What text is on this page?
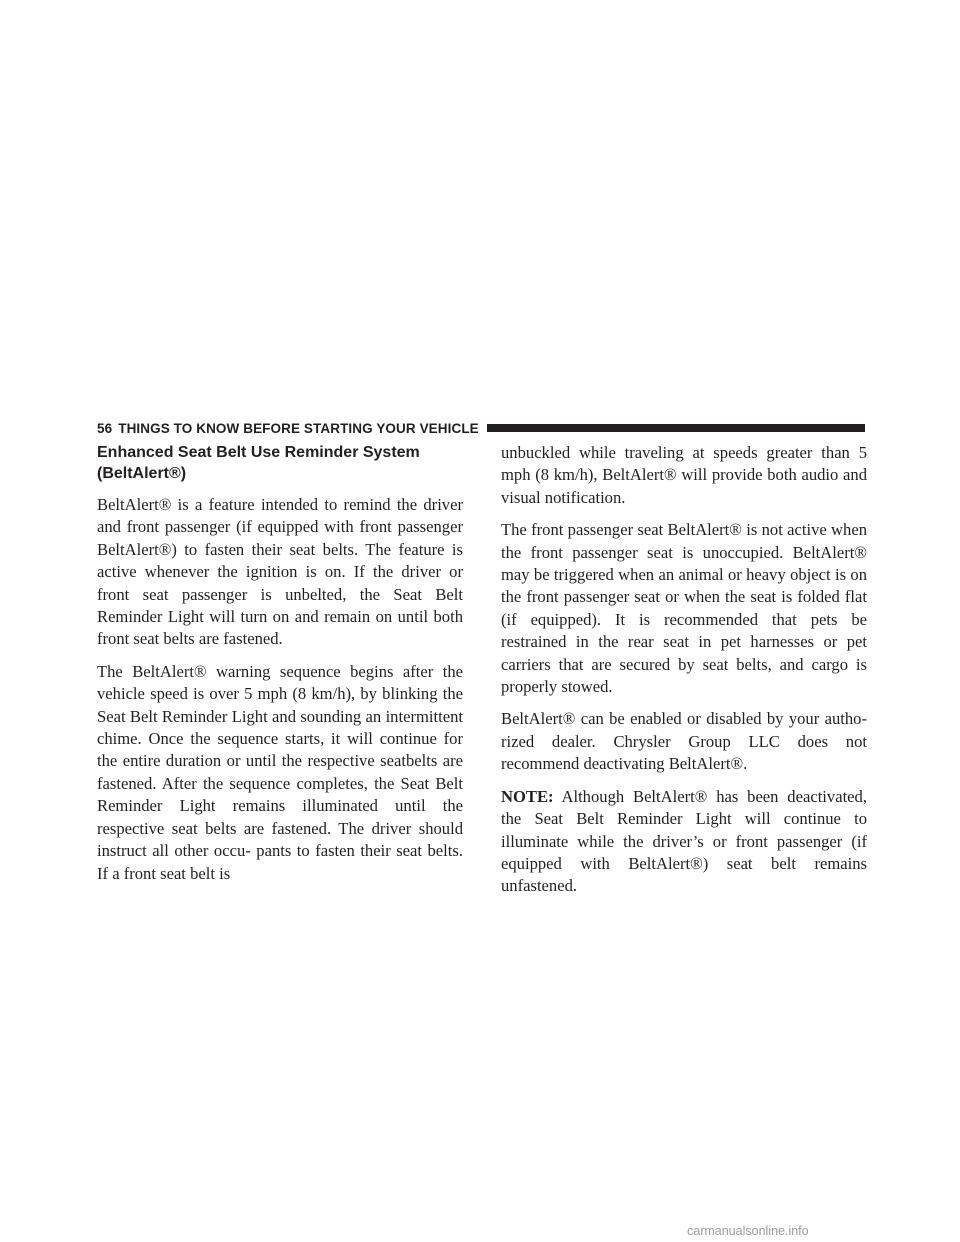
56 THINGS TO KNOW BEFORE STARTING YOUR VEHICLE
Enhanced Seat Belt Use Reminder System
(BeltAlert®)

BeltAlert® is a feature intended to remind the driver and front passenger (if equipped with front passenger BeltAlert®) to fasten their seat belts. The feature is active whenever the ignition is on. If the driver or front seat passenger is unbelted, the Seat Belt Reminder Light will turn on and remain on until both front seat belts are fastened.

The BeltAlert® warning sequence begins after the vehicle speed is over 5 mph (8 km/h), by blinking the Seat Belt Reminder Light and sounding an intermittent chime. Once the sequence starts, it will continue for the entire duration or until the respective seatbelts are fastened. After the sequence completes, the Seat Belt Reminder Light remains illuminated until the respective seat belts are fastened. The driver should instruct all other occu- pants to fasten their seat belts. If a front seat belt is

unbuckled while traveling at speeds greater than 5 mph (8 km/h), BeltAlert® will provide both audio and visual notification.

The front passenger seat BeltAlert® is not active when the front passenger seat is unoccupied. BeltAlert® may be triggered when an animal or heavy object is on the front passenger seat or when the seat is folded flat (if equipped). It is recommended that pets be restrained in the rear seat in pet harnesses or pet carriers that are secured by seat belts, and cargo is properly stowed.

BeltAlert® can be enabled or disabled by your autho- rized dealer. Chrysler Group LLC does not recommend deactivating BeltAlert®.

NOTE: Although BeltAlert® has been deactivated, the Seat Belt Reminder Light will continue to illuminate while the driver’s or front passenger (if equipped with BeltAlert®) seat belt remains unfastened.

carmanualsonline.info
